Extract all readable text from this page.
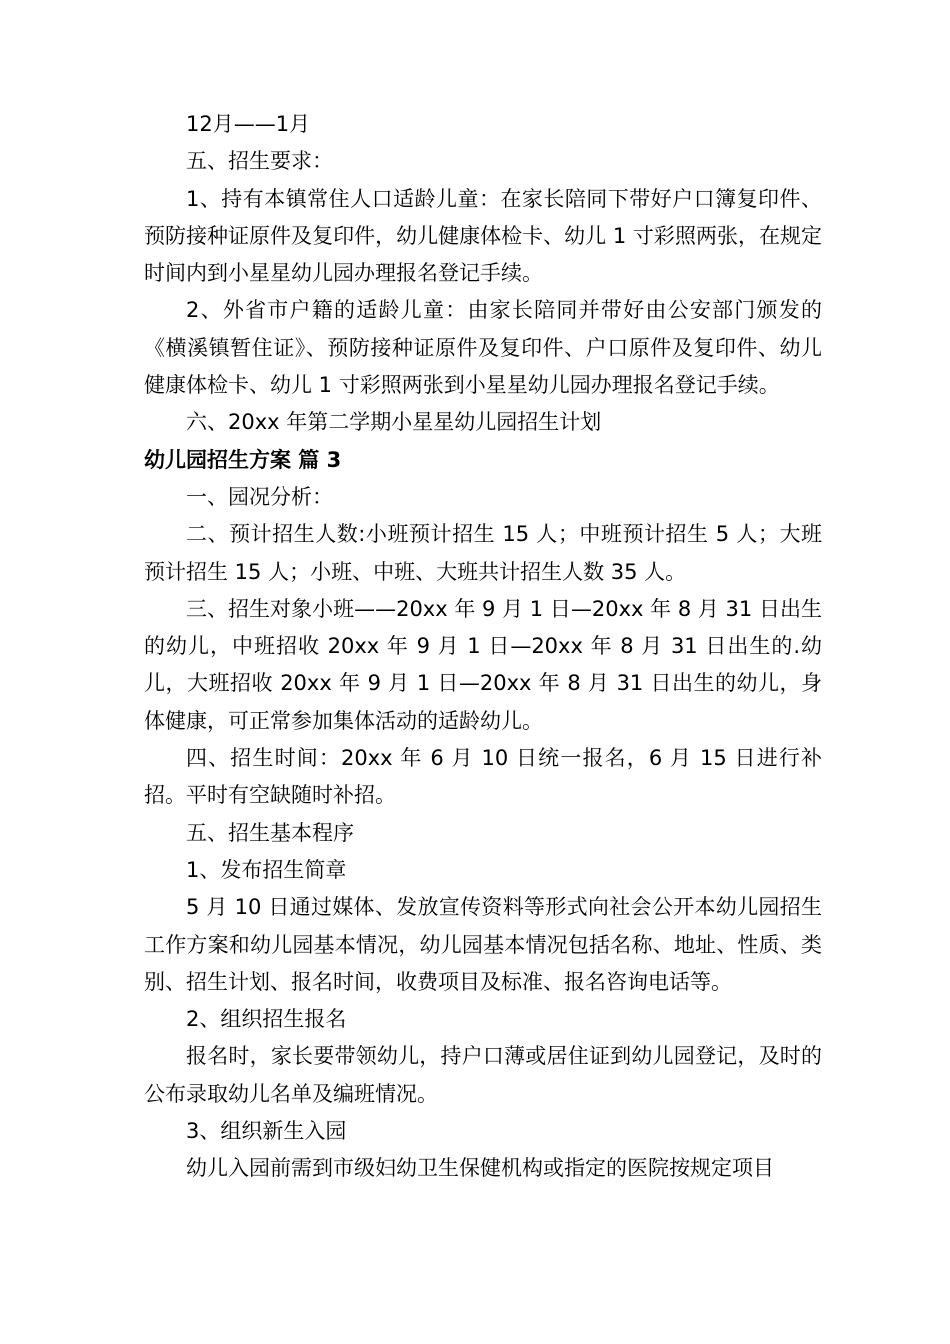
12月——1月

五、招生要求：

1、持有本镇常住人口适龄儿童：在家长陪同下带好户口簿复印件、预防接种证原件及复印件，幼儿健康体检卡、幼儿 1 寸彩照两张，在规定时间内到小星星幼儿园办理报名登记手续。

2、外省市户籍的适龄儿童：由家长陪同并带好由公安部门颁发的《横溪镇暂住证》、预防接种证原件及复印件、户口原件及复印件、幼儿健康体检卡、幼儿 1 寸彩照两张到小星星幼儿园办理报名登记手续。

六、20xx 年第二学期小星星幼儿园招生计划

幼儿园招生方案 篇 3

一、园况分析：

二、预计招生人数:小班预计招生 15 人；中班预计招生 5 人；大班预计招生 15 人；小班、中班、大班共计招生人数 35 人。

三、招生对象小班——20xx 年 9 月 1 日—20xx 年 8 月 31 日出生的幼儿，中班招收 20xx 年 9 月 1 日—20xx 年 8 月 31 日出生的.幼儿，大班招收 20xx 年 9 月 1 日—20xx 年 8 月 31 日出生的幼儿，身体健康，可正常参加集体活动的适龄幼儿。

四、招生时间：20xx 年 6 月 10 日统一报名，6 月 15 日进行补招。平时有空缺随时补招。

五、招生基本程序

1、发布招生简章

5 月 10 日通过媒体、发放宣传资料等形式向社会公开本幼儿园招生工作方案和幼儿园基本情况，幼儿园基本情况包括名称、地址、性质、类别、招生计划、报名时间，收费项目及标准、报名咨询电话等。

2、组织招生报名

报名时，家长要带领幼儿，持户口薄或居住证到幼儿园登记，及时的公布录取幼儿名单及编班情况。

3、组织新生入园

幼儿入园前需到市级妇幼卫生保健机构或指定的医院按规定项目
